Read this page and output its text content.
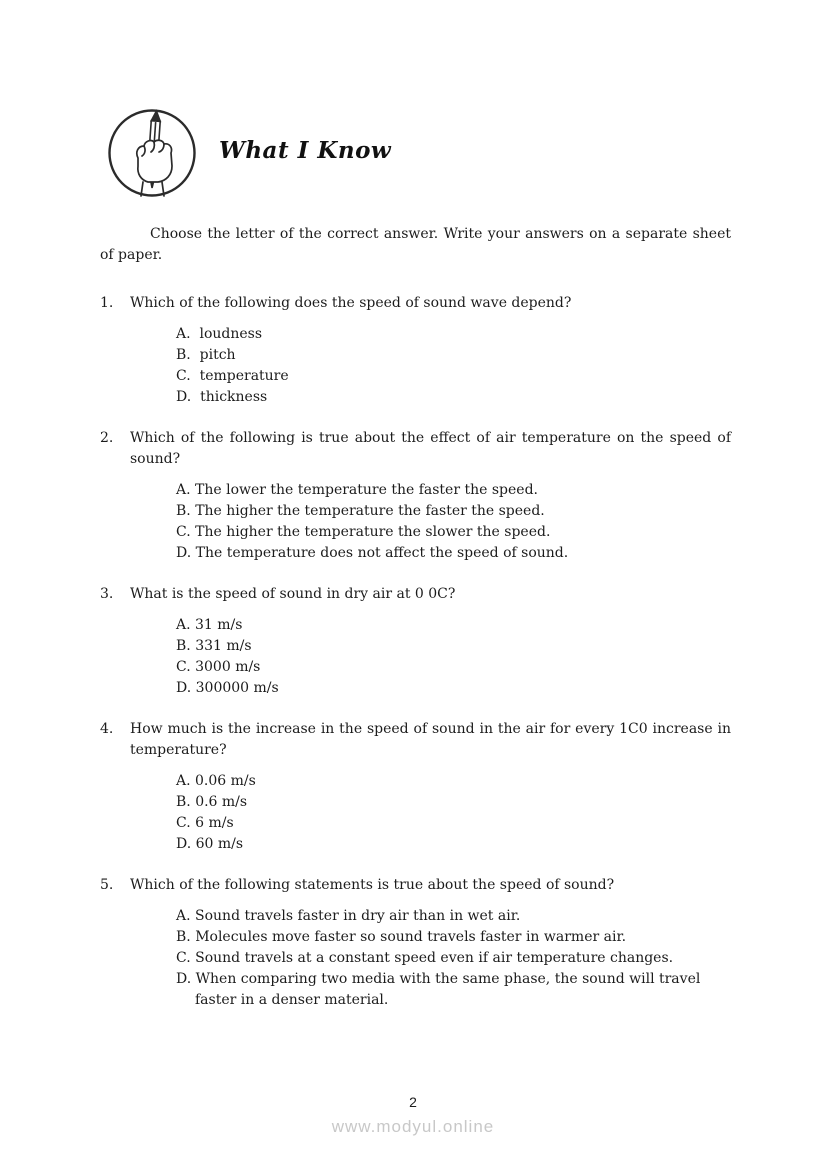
What I Know

Choose the letter of the correct answer. Write your answers on a separate sheet of paper.

1.	Which of the following does the speed of sound wave depend?

A.  loudness
B.  pitch
C.  temperature
D.  thickness
2.	Which of the following is true about the effect of air temperature on the speed of sound?

A. The lower the temperature the faster the speed.
B. The higher the temperature the faster the speed.
C. The higher the temperature the slower the speed.
D. The temperature does not affect the speed of sound.
3.	What is the speed of sound in dry air at 0 0C?

A. 31 m/s
B. 331 m/s
C. 3000 m/s
D. 300000 m/s
4.	How much is the increase in the speed of sound in the air for every 1C0 increase in temperature?

A. 0.06 m/s
B. 0.6 m/s
C. 6 m/s
D. 60 m/s
5.	Which of the following statements is true about the speed of sound?

A. Sound travels faster in dry air than in wet air.
B. Molecules move faster so sound travels faster in warmer air.
C. Sound travels at a constant speed even if air temperature changes.
D. When comparing two media with the same phase, the sound will travel faster in a denser material.
2
www.modyul.online
